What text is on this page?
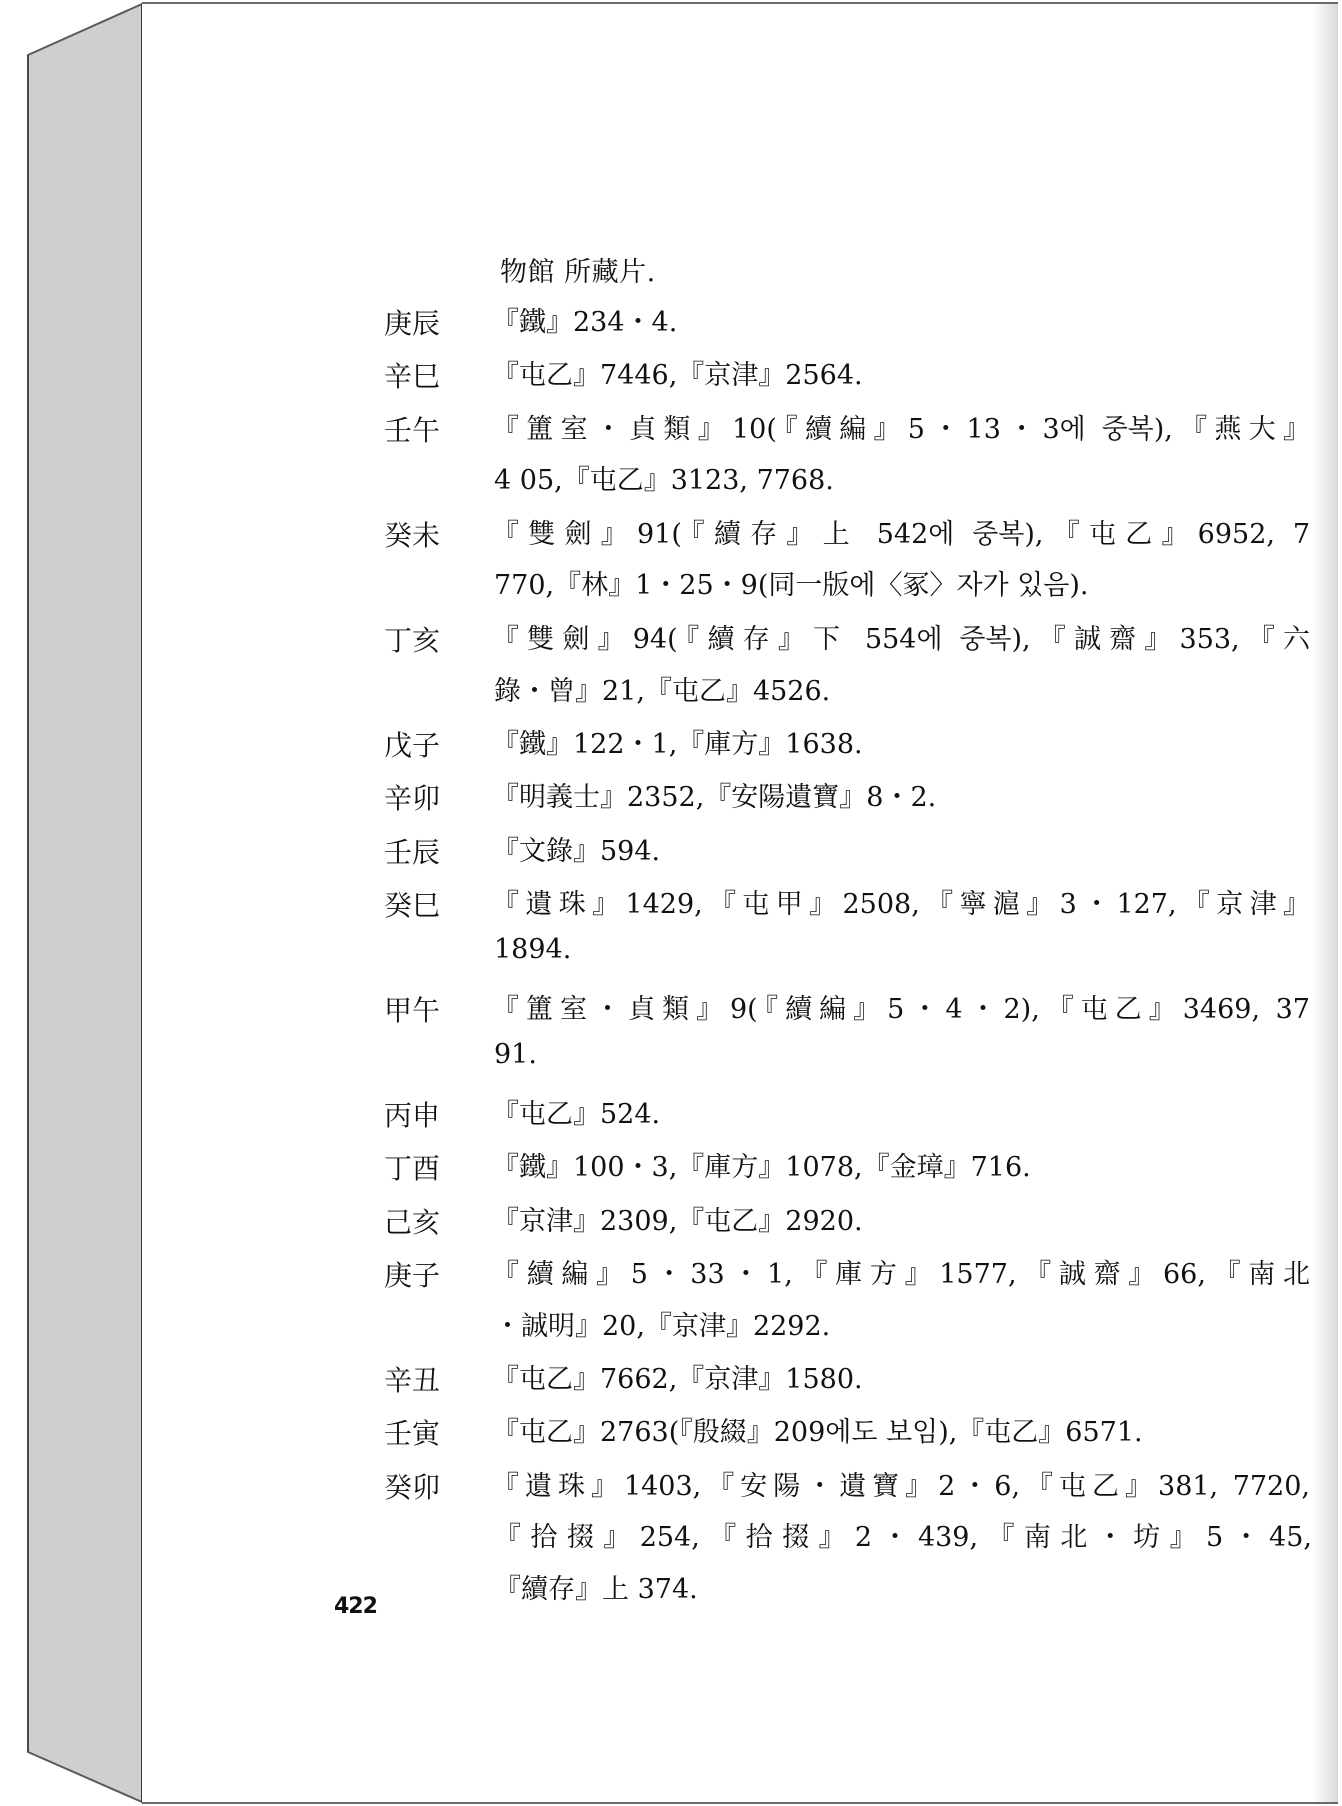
物館 所藏片.
庚辰 『鐵』234・4.
辛巳 『屯乙』7446,『京津』2564.
壬午 『簠室・貞類』10(『續編』5・13・3에 중복),『燕大』
4 05,『屯乙』3123, 7768.
癸未 『雙劍』91(『續存』上 542에 중복),『屯乙』6952, 7
770,『林』1・25・9(同一版에〈冢〉자가 있음).
丁亥 『雙劍』94(『續存』下 554에 중복),『誠齋』353,『六
錄・曾』21,『屯乙』4526.
戊子 『鐵』122・1,『庫方』1638.
辛卯 『明義士』2352,『安陽遺寶』8・2.
壬辰 『文錄』594.
癸巳 『遺珠』1429,『屯甲』2508,『寧滬』3・127,『京津』
1894.
甲午 『簠室・貞類』9(『續編』5・4・2),『屯乙』3469, 37
91.
丙申 『屯乙』524.
丁酉 『鐵』100・3,『庫方』1078,『金璋』716.
己亥 『京津』2309,『屯乙』2920.
庚子 『續編』5・33・1,『庫方』1577,『誠齋』66,『南北
・誠明』20,『京津』2292.
辛丑 『屯乙』7662,『京津』1580.
壬寅 『屯乙』2763(『殷綴』209에도 보임),『屯乙』6571.
癸卯 『遺珠』1403,『安陽・遺寶』2・6,『屯乙』381, 7720,
『拾掇』254,『拾掇』2・439,『南北・坊』5・45,
『續存』上 374.
422
